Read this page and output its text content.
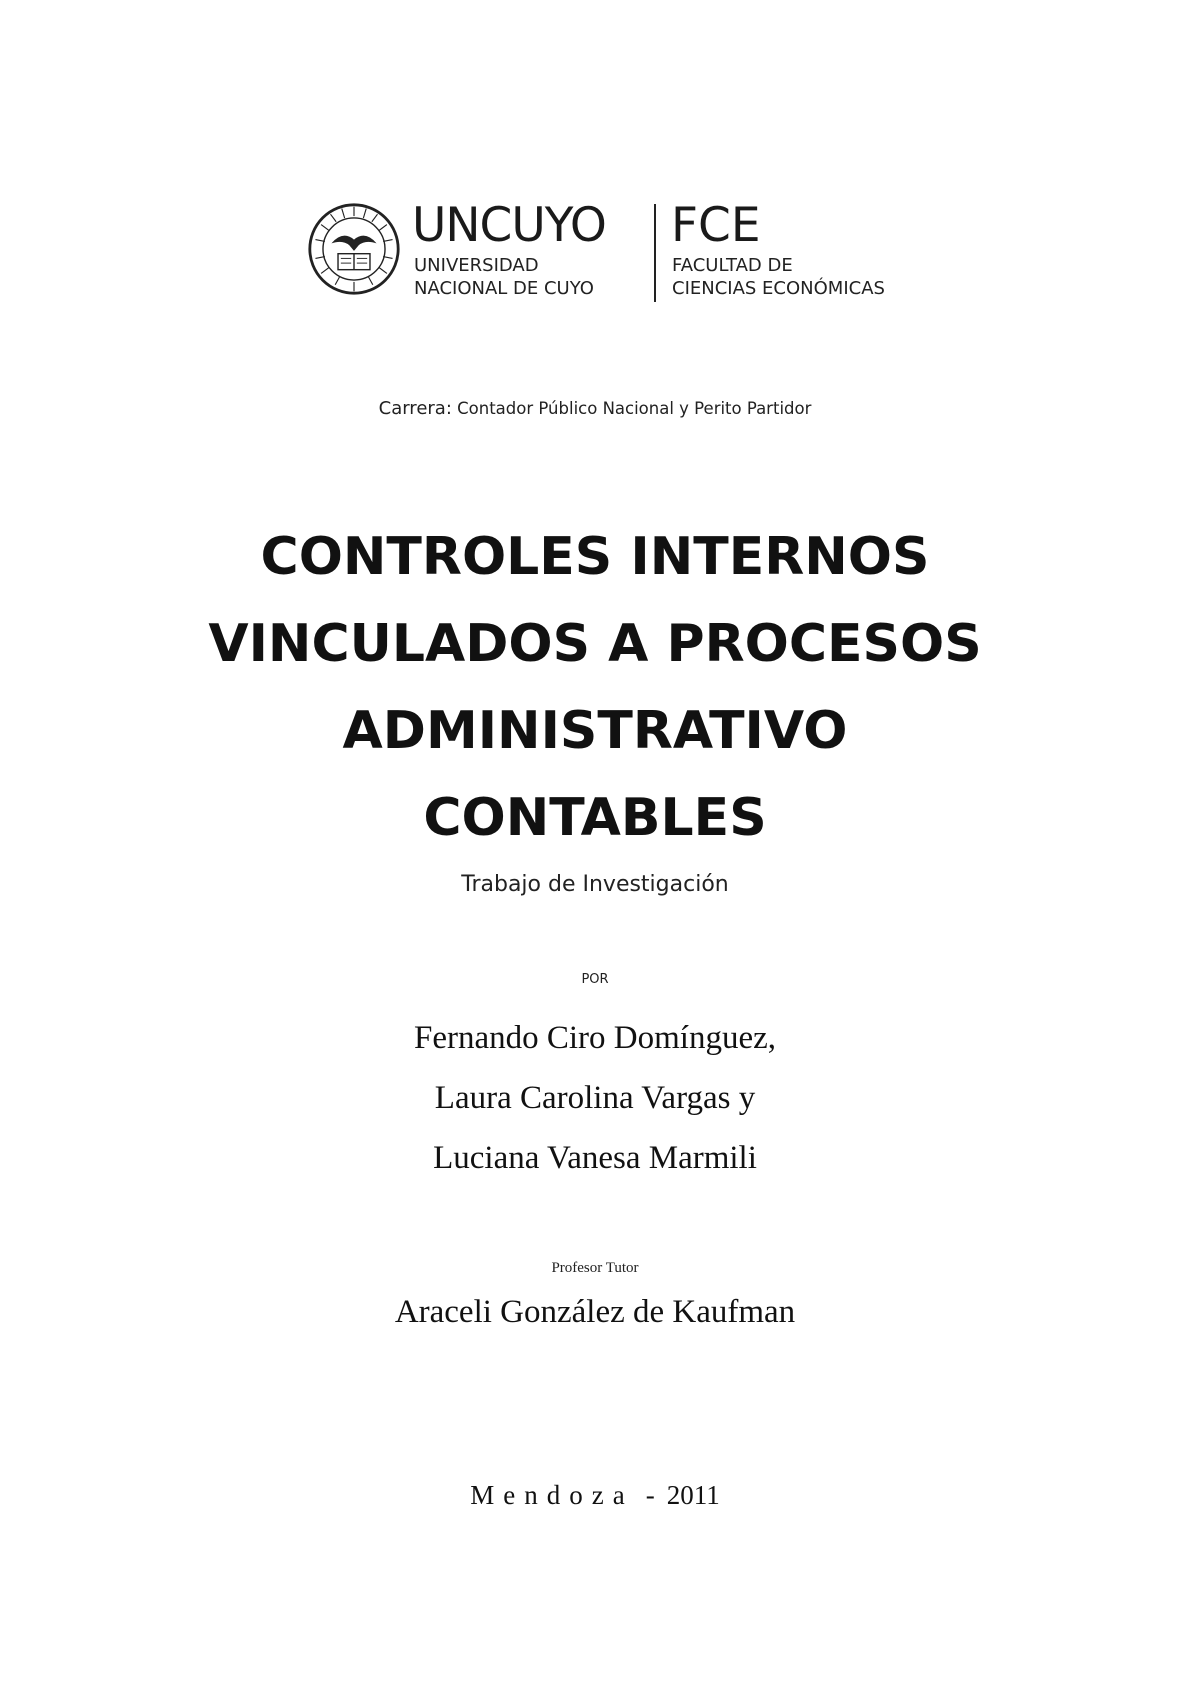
UNCUYO
UNIVERSIDAD
NACIONAL DE CUYO
FCE
FACULTAD DE
CIENCIAS ECONÓMICAS
Carrera: Contador Público Nacional y Perito Partidor
CONTROLES INTERNOS
VINCULADOS A PROCESOS
ADMINISTRATIVO
CONTABLES
Trabajo de Investigación
POR
Fernando Ciro Domínguez,
Laura Carolina Vargas y
Luciana Vanesa Marmili
Profesor Tutor
Araceli González de Kaufman
Mendoza - 2011
